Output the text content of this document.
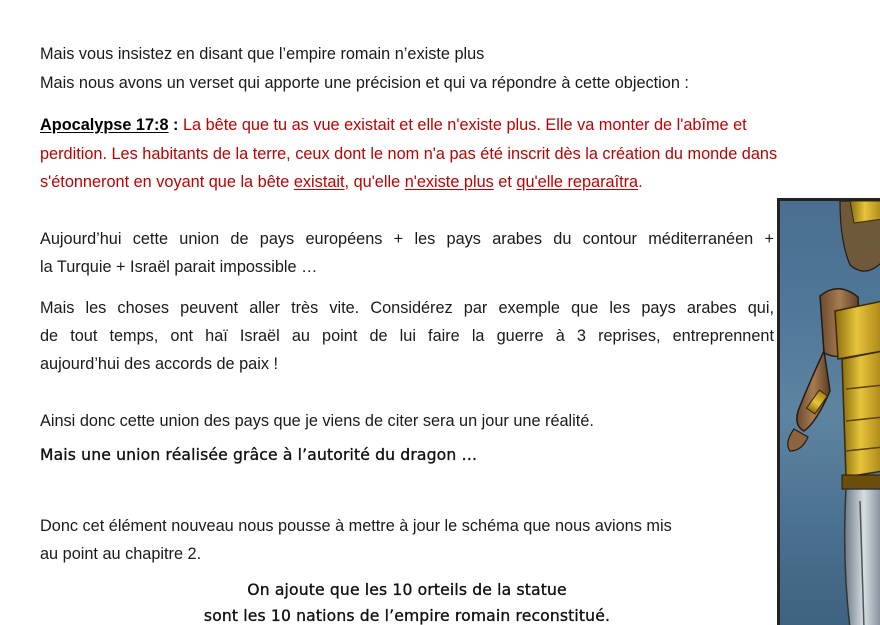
Mais vous insistez en disant que l’empire romain n’existe plus
Mais nous avons un verset qui apporte une précision et qui va répondre à cette objection :
Apocalypse 17:8 : La bête que tu as vue existait et elle n'existe plus. Elle va monter de l'abîme et
perdition. Les habitants de la terre, ceux dont le nom n'a pas été inscrit dès la création du monde dans
s'étonneront en voyant que la bête existait, qu'elle n'existe plus et qu'elle reparaîtra.
Aujourd’hui cette union de pays européens + les pays arabes du contour méditerranéen +
la Turquie + Israël parait impossible …
Mais les choses peuvent aller très vite. Considérez par exemple que les pays arabes qui,
de tout temps, ont haï Israël au point de lui faire la guerre à 3 reprises, entreprennent
aujourd’hui des accords de paix !
Ainsi donc cette union des pays que je viens de citer sera un jour une réalité.
Mais une union réalisée grâce à l’autorité du dragon …
Donc cet élément nouveau nous pousse à mettre à jour le schéma que nous avions mis
au point au chapitre 2.
On ajoute que les 10 orteils de la statue
sont les 10 nations de l’empire romain reconstitué.
